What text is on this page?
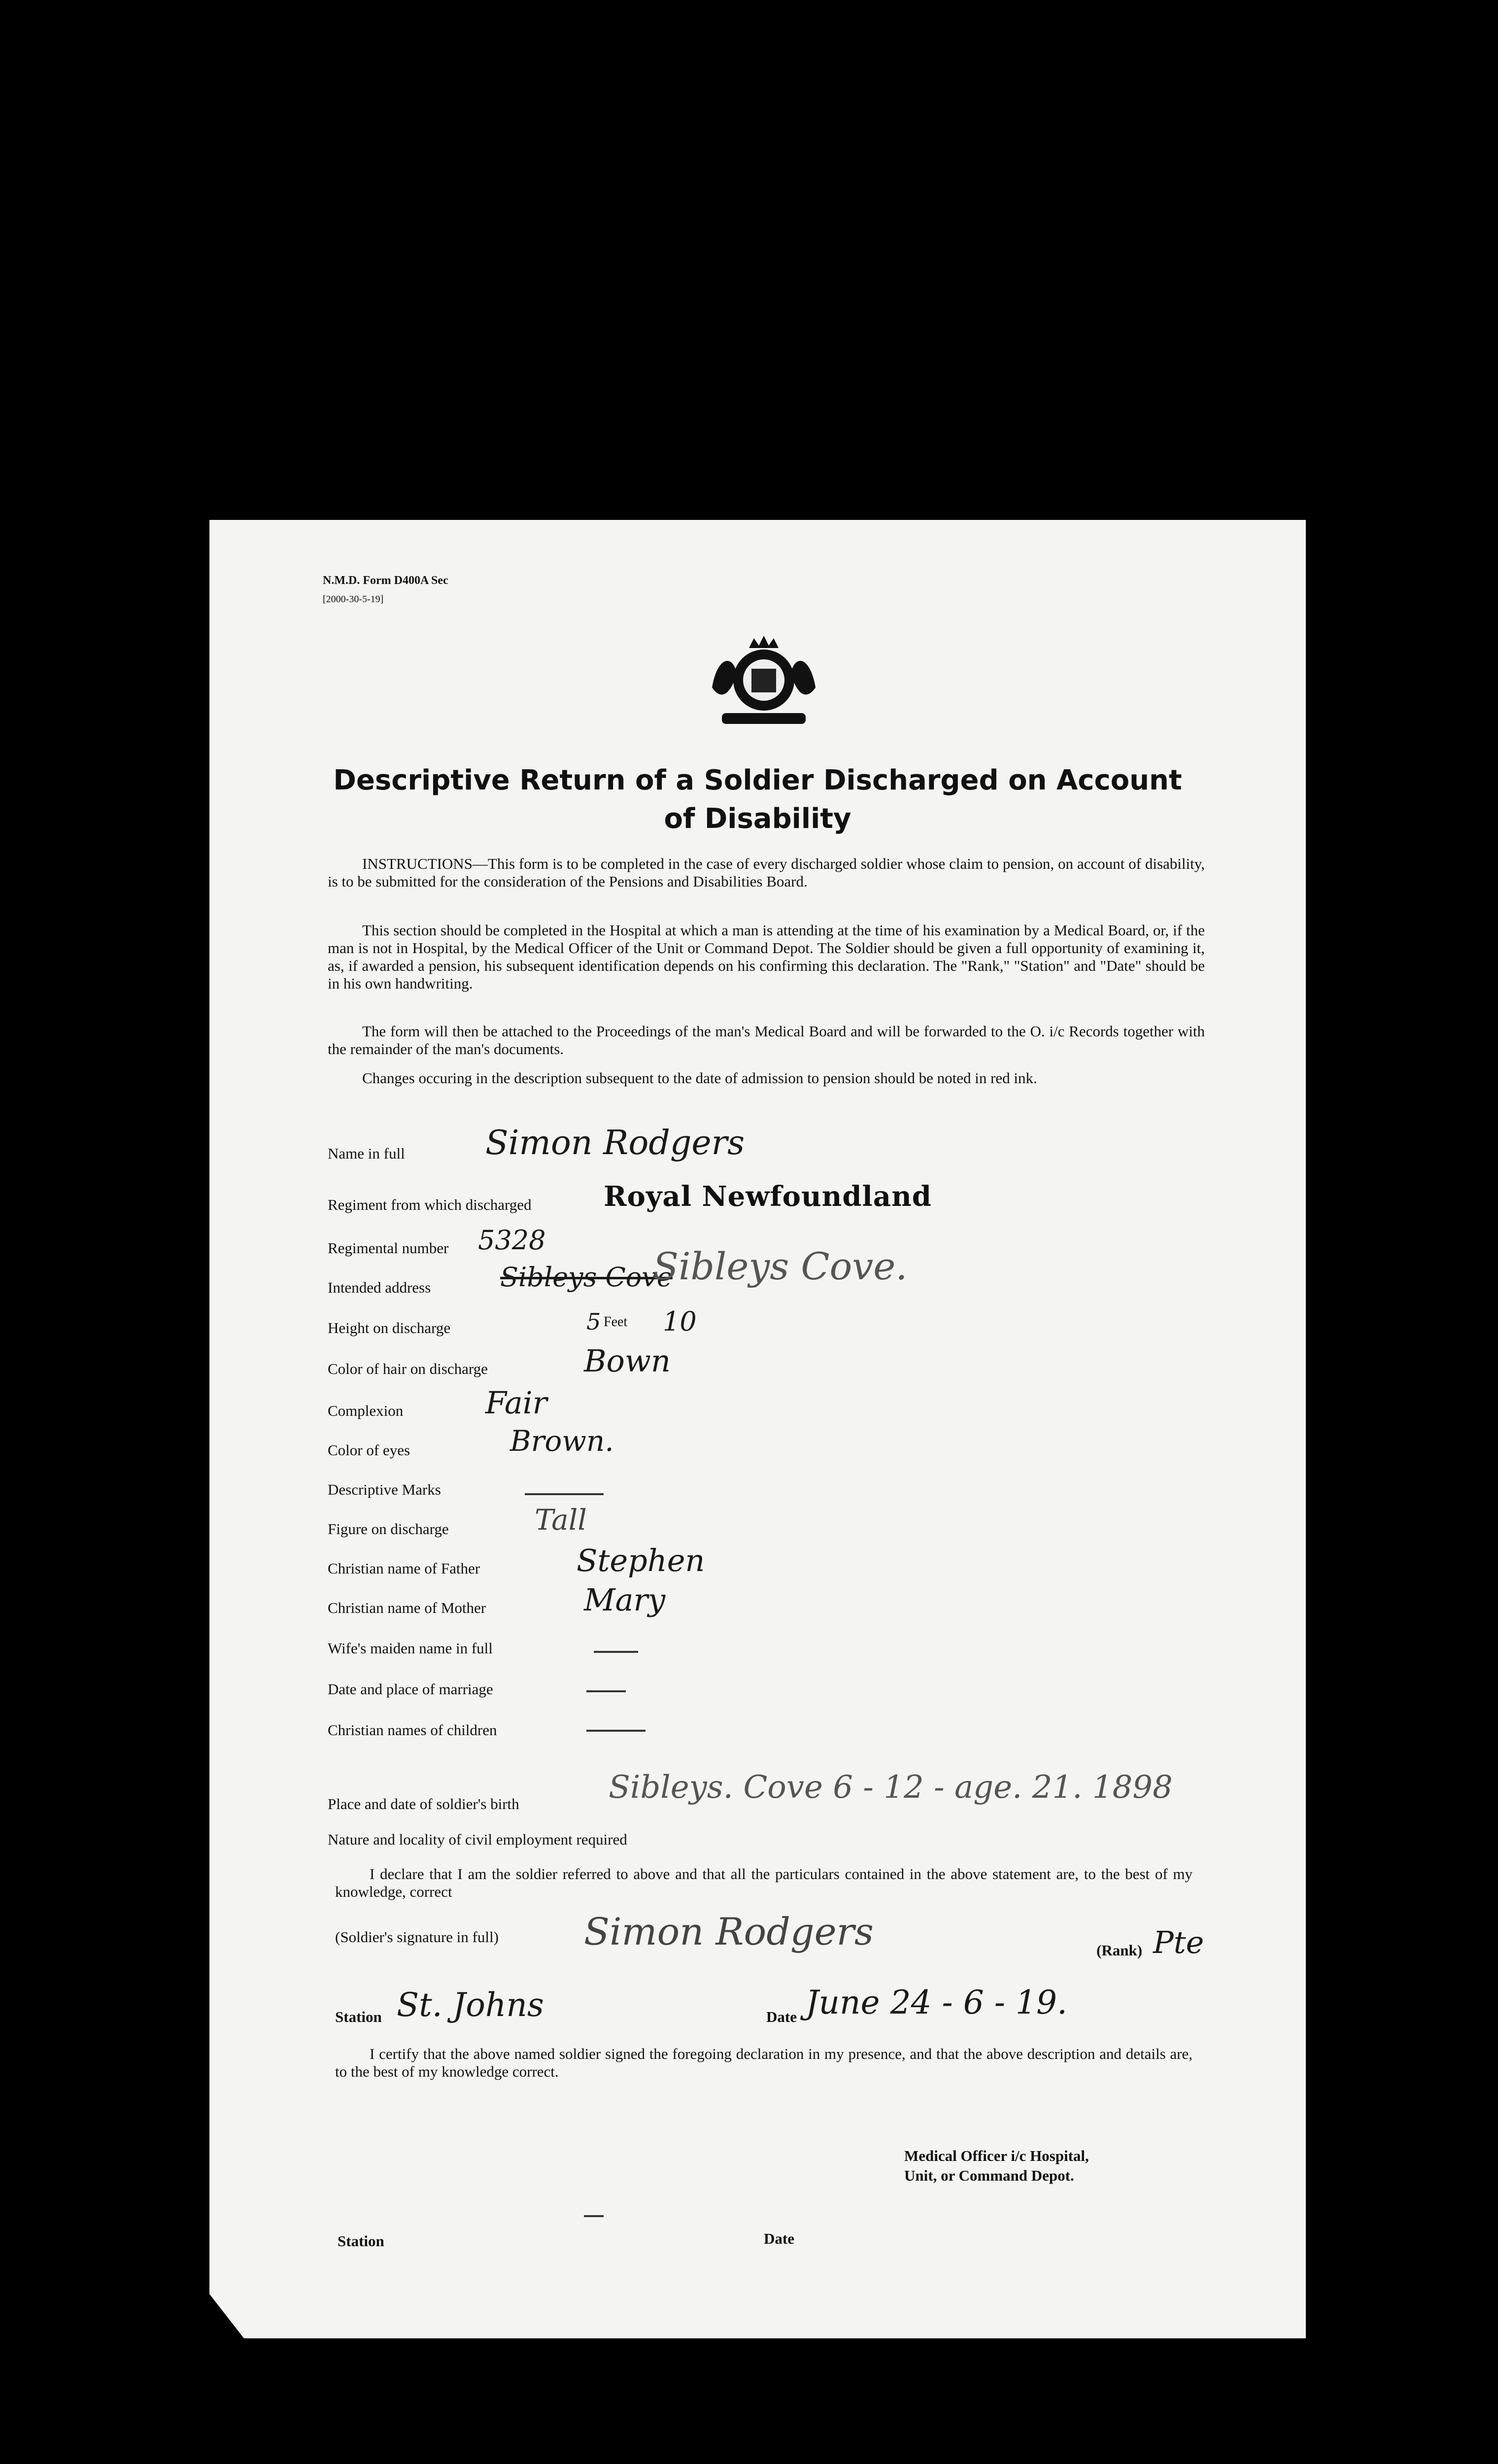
N.M.D. Form D400A Sec
[2000-30-5-19]
Descriptive Return of a Soldier Discharged on Account
of Disability
INSTRUCTIONS—This form is to be completed in the case of every discharged soldier whose claim to pension, on account of disability, is to be submitted for the consideration of the Pensions and Disabilities Board.
This section should be completed in the Hospital at which a man is attending at the time of his examination by a Medical Board, or, if the man is not in Hospital, by the Medical Officer of the Unit or Command Depot. The Soldier should be given a full opportunity of examining it, as, if awarded a pension, his subsequent identification depends on his confirming this declaration. The "Rank," "Station" and "Date" should be in his own handwriting.
The form will then be attached to the Proceedings of the man's Medical Board and will be forwarded to the O. i/c Records together with the remainder of the man's documents.
Changes occuring in the description subsequent to the date of admission to pension should be noted in red ink.
Name in full Simon Rodgers
Regiment from which discharged	Royal Newfoundland
Regimental number 5328
Intended address	Sibleys Cove
Sibleys Cove.
Height on discharge	5 Feet 10
Color of hair on discharge	Bown
Complexion	Fair
Color of eyes	Brown.
Descriptive Marks
Figure on discharge	Tall
Christian name of Father	Stephen
Christian name of Mother	Mary
Wife's maiden name in full
Date and place of marriage
Christian names of children
Place and date of soldier's birth	Sibleys. Cove 6 - 12 - age. 21. 1898
Nature and locality of civil employment required
I declare that I am the soldier referred to above and that all the particulars contained in the above statement are, to the best of my knowledge, correct
(Soldier's signature in full) Simon Rodgers	(Rank) Pte
Station St. Johns	Date June 24 - 6 - 19.
I certify that the above named soldier signed the foregoing declaration in my presence, and that the above description and details are, to the best of my knowledge correct.
Medical Officer i/c Hospital,
Unit, or Command Depot.
Station	Date
